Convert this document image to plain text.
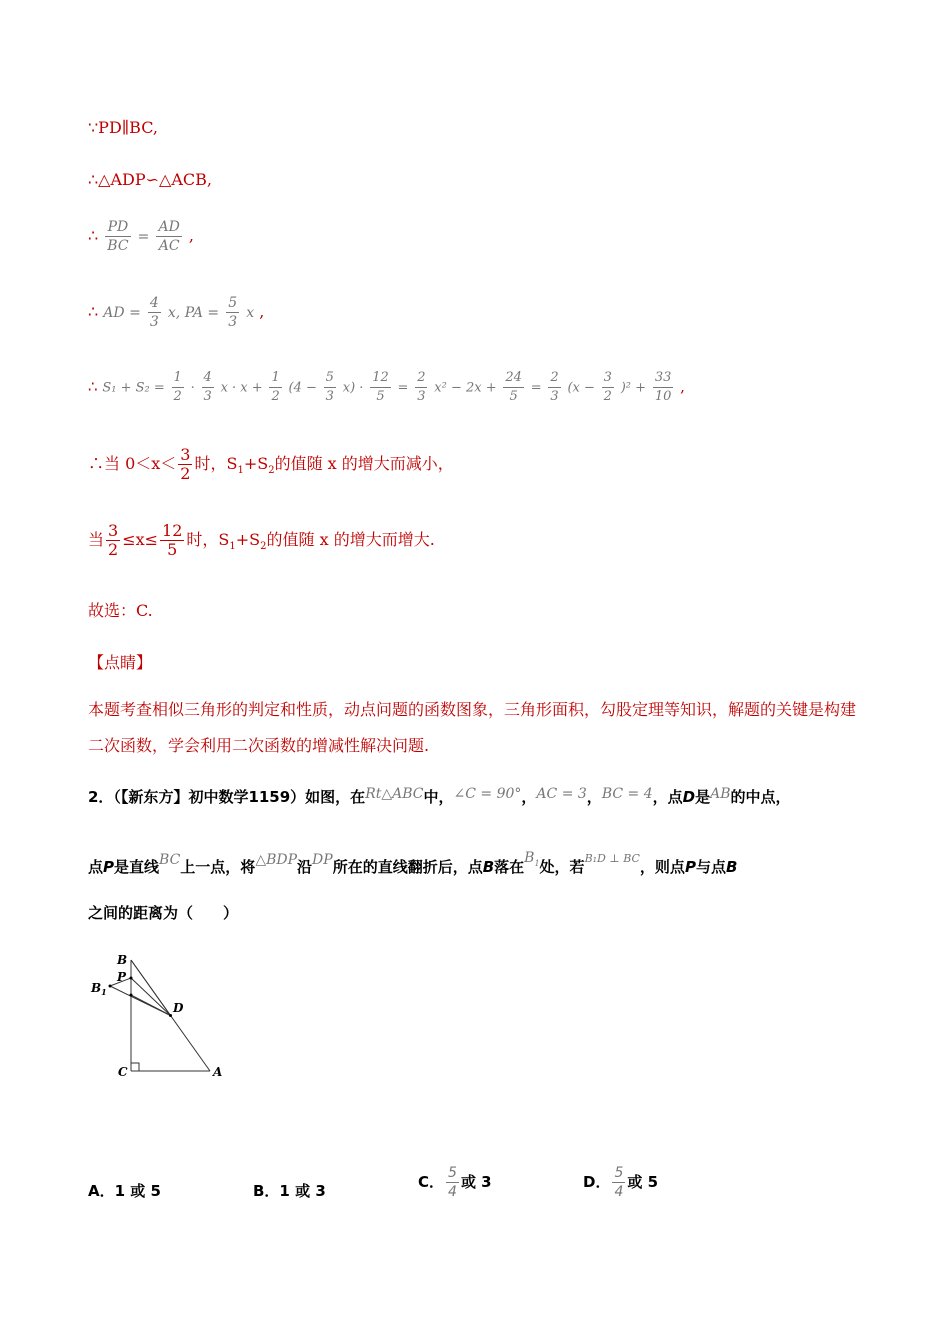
∵PD∥BC,
∴△ADP∽△ACB,
∴ $\frac{PD}{BC} = \frac{AD}{AC}$ ,
∴ AD = $\frac{4}{3} x$, PA = $\frac{5}{3}$ x ,
∴ $S_1 + S_2 = \frac{1}{2} \cdot \frac{4}{3}$ $x \cdot x + \frac{1}{2} (4 - \frac{5}{3} x) \cdot \frac{12}{5} = \frac{2}{3} x^2 - 2x + \frac{24}{5} = \frac{2}{3} (x - \frac{3}{2} )^2 + \frac{33}{10}$ ,
∴当 $0<x< \frac{3}{2}$ 时，$S_1+S_2$的值随 x 的增大而减小，
当 $\frac{3}{2} \le x\le \frac{12}{5}$ 时，$S_1+S_2$的值随 x 的增大而增大.
故选：C.
【点睛】
本题考查相似三角形的判定和性质，动点问题的函数图象，三角形面积，勾股定理等知识，解题的关键是构建二次函数，学会利用二次函数的增减性解决问题.
2．（【新东方】初中数学1159）如图，在Rt△ABC中，∠C = 90°，AC = 3，BC = 4，点D是AB的中点，
点P是直线BC上一点，将△BDP沿DP所在的直线翻折后，点B落在$B_1$处，若$^{B_1D \perp BC}$，则点P与点B
之间的距离为（　　）
B
P
$B_1$
D
C	A
A．1 或 5	B．1 或 3	C． $\frac{5}{4}$ 或 3	D． $\frac{5}{4}$ 或 5
